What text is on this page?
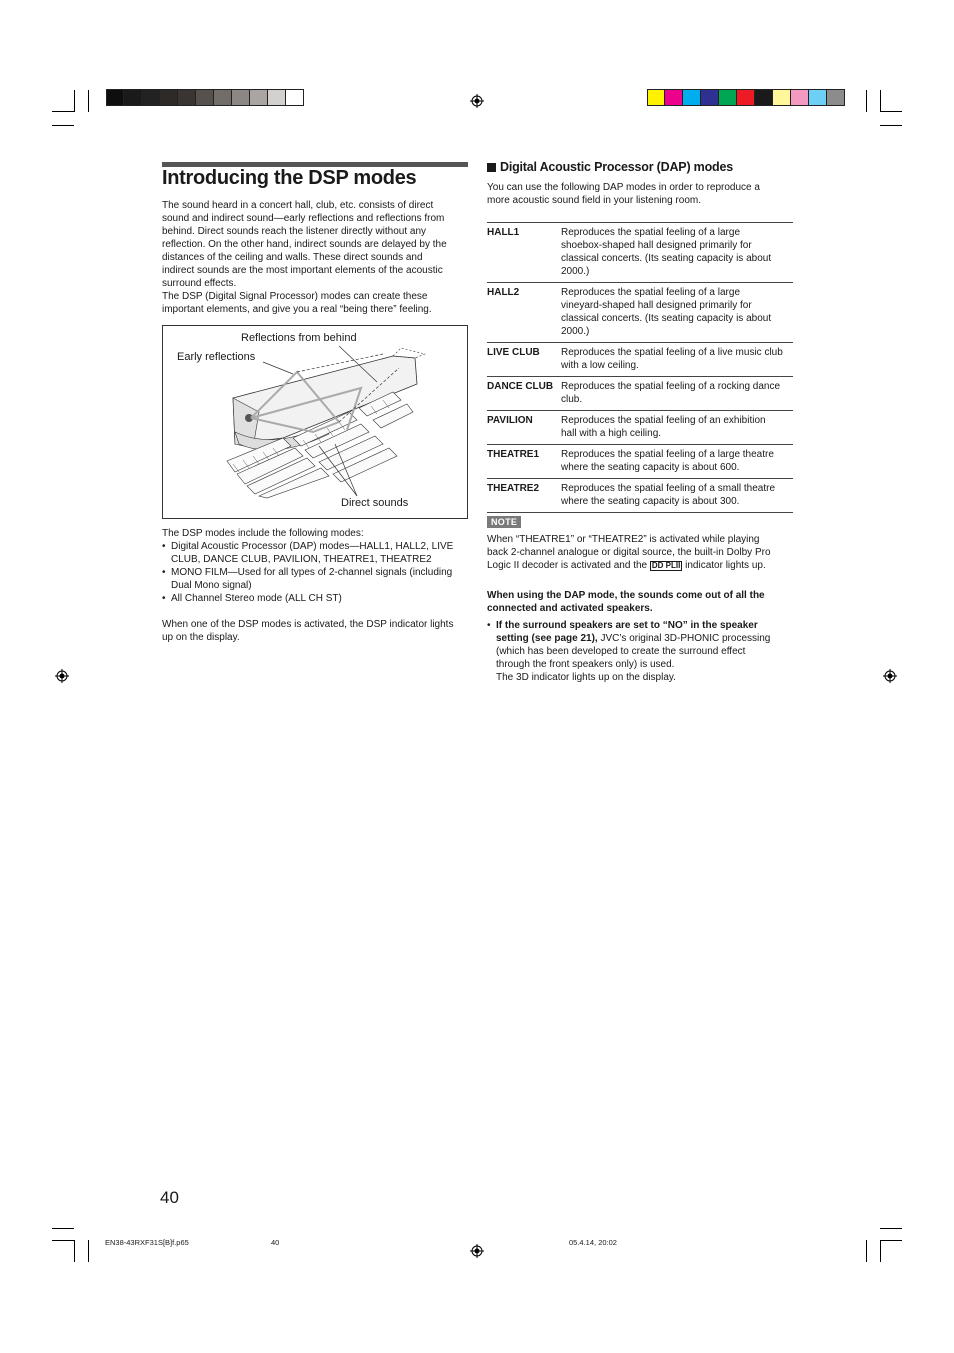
Introducing the DSP modes

The sound heard in a concert hall, club, etc. consists of direct

sound and indirect sound—early reflections and reflections from

behind. Direct sounds reach the listener directly without any

reflection. On the other hand, indirect sounds are delayed by the

distances of the ceiling and walls. These direct sounds and

indirect sounds are the most important elements of the acoustic

surround effects.

The DSP (Digital Signal Processor) modes can create these

important elements, and give you a real “being there” feeling.

Reflections from behind
Early reflections
Direct sounds

The DSP modes include the following modes:

• Digital Acoustic Processor (DAP) modes—HALL1, HALL2, LIVE CLUB, DANCE CLUB, PAVILION, THEATRE1, THEATRE2
• MONO FILM—Used for all types of 2-channel signals (including Dual Mono signal)
• All Channel Stereo mode (ALL CH ST)

When one of the DSP modes is activated, the DSP indicator lights

up on the display.

Digital Acoustic Processor (DAP) modes

You can use the following DAP modes in order to reproduce a

more acoustic sound field in your listening room.

HALL1	Reproduces the spatial feeling of a large
shoebox-shaped hall designed primarily for
classical concerts. (Its seating capacity is about
2000.)

HALL2	Reproduces the spatial feeling of a large
vineyard-shaped hall designed primarily for
classical concerts. (Its seating capacity is about
2000.)

LIVE CLUB	Reproduces the spatial feeling of a live music club
with a low ceiling.

DANCE CLUB	Reproduces the spatial feeling of a rocking dance
club.

PAVILION	Reproduces the spatial feeling of an exhibition
hall with a high ceiling.

THEATRE1	Reproduces the spatial feeling of a large theatre
where the seating capacity is about 600.

THEATRE2	Reproduces the spatial feeling of a small theatre
where the seating capacity is about 300.
NOTE

When “THEATRE1” or “THEATRE2” is activated while playing

back 2-channel analogue or digital source, the built-in Dolby Pro

Logic II decoder is activated and the DD PLII indicator lights up.

When using the DAP mode, the sounds come out of all the

connected and activated speakers.

• If the surround speakers are set to “NO” in the speaker
setting (see page 21), JVC’s original 3D-PHONIC processing
(which has been developed to create the surround effect
through the front speakers only) is used.
The 3D indicator lights up on the display.
40
EN38-43RXF31S[B]f.p65	40	05.4.14, 20:02
